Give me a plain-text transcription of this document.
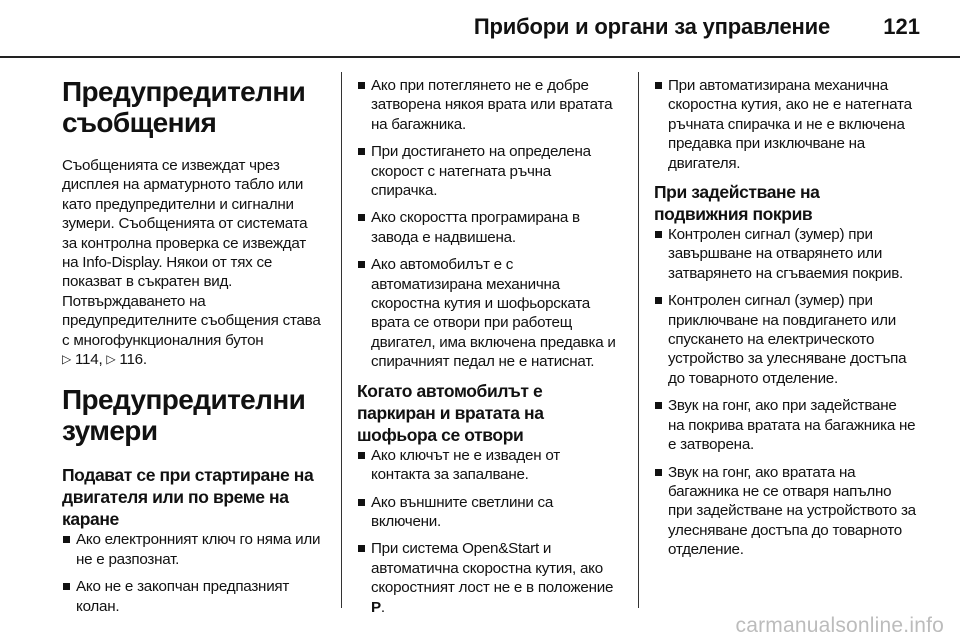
Прибори и органи за управление 121
Предупредителни съобщения

Съобщенията се извеждат чрез дисплея на арматурното табло или като предупредителни и сигнални зумери. Съобщенията от системата за контролна проверка се извеждат на Info-Display. Някои от тях се показват в съкратен вид. Потвърждаването на предупредителните съобщения става с многофункционалния бутон
▷ 114, ▷ 116.

Предупредителни зумери
Подават се при стартиране на двигателя или по време на каране
Ако електронният ключ го няма или не е разпознат.
Ако не е закопчан предпазният колан.
Ако при потеглянето не е добре затворена някоя врата или вратата на багажника.
При достигането на определена скорост с натегната ръчна спирачка.
Ако скоростта програмирана в завода е надвишена.
Ако автомобилът е с автоматизирана механична скоростна кутия и шофьорската врата се отвори при работещ двигател, има включена предавка и спирачният педал не е натиснат.
Когато автомобилът е паркиран и вратата на шофьора се отвори
Ако ключът не е изваден от контакта за запалване.
Ако външните светлини са включени.
При система Open&Start и автоматична скоростна кутия, ако скоростният лост не е в положение P.
При автоматизирана механична скоростна кутия, ако не е натегната ръчната спирачка и не е включена предавка при изключване на двигателя.
При задействане на подвижния покрив
Контролен сигнал (зумер) при завършване на отварянето или затварянето на сгъваемия покрив.
Контролен сигнал (зумер) при приключване на повдигането или спускането на електрическото устройство за улесняване достъпа до товарното отделение.
Звук на гонг, ако при задействане на покрива вратата на багажника не е затворена.
Звук на гонг, ако вратата на багажника не се отваря напълно при задействане на устройството за улесняване достъпа до товарното отделение.
carmanualsonline.info
